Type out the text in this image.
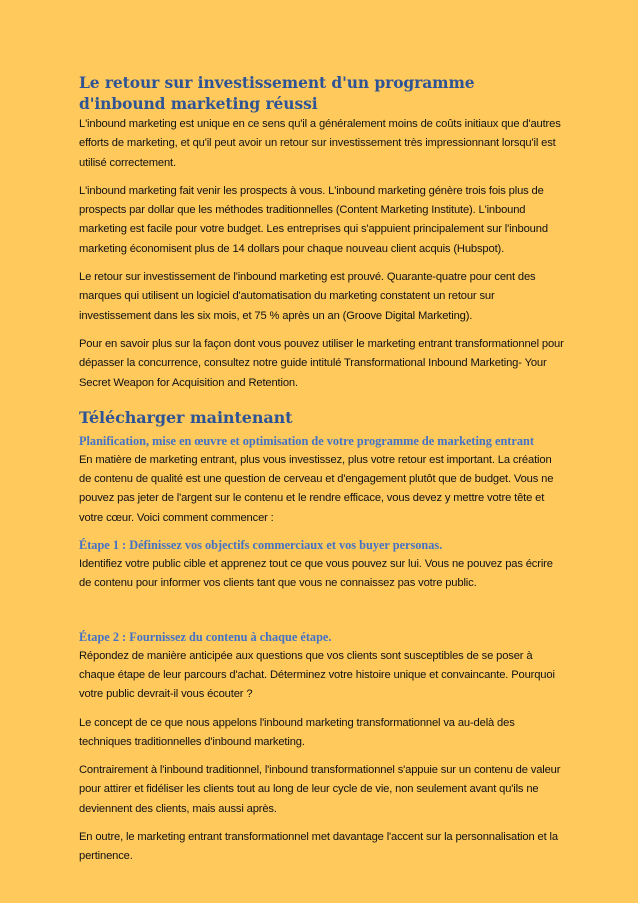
Le retour sur investissement d'un programme d'inbound marketing réussi

L'inbound marketing est unique en ce sens qu'il a généralement moins de coûts initiaux que d'autres efforts de marketing, et qu'il peut avoir un retour sur investissement très impressionnant lorsqu'il est utilisé correctement.

L'inbound marketing fait venir les prospects à vous. L'inbound marketing génère trois fois plus de prospects par dollar que les méthodes traditionnelles (Content Marketing Institute). L'inbound marketing est facile pour votre budget. Les entreprises qui s'appuient principalement sur l'inbound marketing économisent plus de 14 dollars pour chaque nouveau client acquis (Hubspot).

Le retour sur investissement de l'inbound marketing est prouvé. Quarante-quatre pour cent des marques qui utilisent un logiciel d'automatisation du marketing constatent un retour sur investissement dans les six mois, et 75 % après un an (Groove Digital Marketing).

Pour en savoir plus sur la façon dont vous pouvez utiliser le marketing entrant transformationnel pour dépasser la concurrence, consultez notre guide intitulé Transformational Inbound Marketing- Your Secret Weapon for Acquisition and Retention.

Télécharger maintenant
Planification, mise en œuvre et optimisation de votre programme de marketing entrant

En matière de marketing entrant, plus vous investissez, plus votre retour est important. La création de contenu de qualité est une question de cerveau et d'engagement plutôt que de budget. Vous ne pouvez pas jeter de l'argent sur le contenu et le rendre efficace, vous devez y mettre votre tête et votre cœur. Voici comment commencer :

Étape 1 : Définissez vos objectifs commerciaux et vos buyer personas.

Identifiez votre public cible et apprenez tout ce que vous pouvez sur lui. Vous ne pouvez pas écrire de contenu pour informer vos clients tant que vous ne connaissez pas votre public.

Étape 2 : Fournissez du contenu à chaque étape.

Répondez de manière anticipée aux questions que vos clients sont susceptibles de se poser à chaque étape de leur parcours d'achat. Déterminez votre histoire unique et convaincante. Pourquoi votre public devrait-il vous écouter ?

Le concept de ce que nous appelons l'inbound marketing transformationnel va au-delà des techniques traditionnelles d'inbound marketing.

Contrairement à l'inbound traditionnel, l'inbound transformationnel s'appuie sur un contenu de valeur pour attirer et fidéliser les clients tout au long de leur cycle de vie, non seulement avant qu'ils ne deviennent des clients, mais aussi après.

En outre, le marketing entrant transformationnel met davantage l'accent sur la personnalisation et la pertinence.
